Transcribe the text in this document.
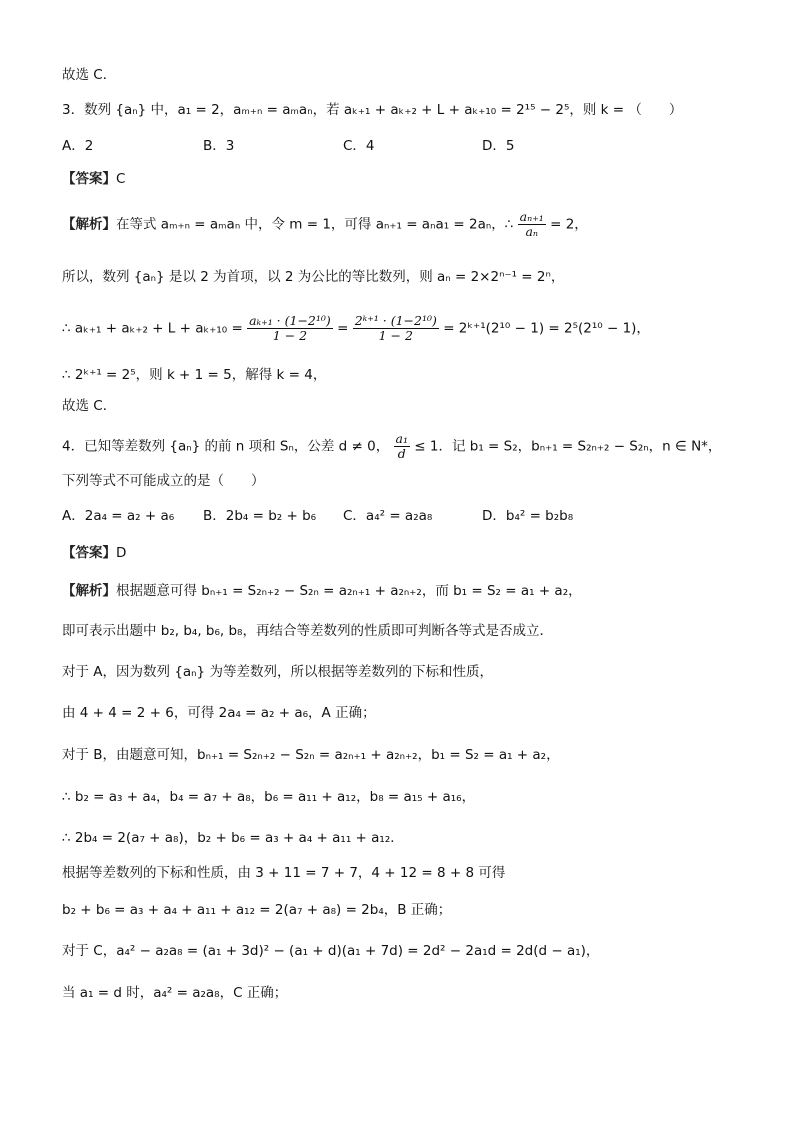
故选 C．
3．数列 {aₙ} 中，a₁ = 2，aₘ₊ₙ = aₘaₙ，若 aₖ₊₁ + aₖ₊₂ + L + aₖ₊₁₀ = 2¹⁵ − 2⁵，则 k = （　　）
A．2	B．3	C．4	D．5
【答案】C
【解析】在等式 aₘ₊ₙ = aₘaₙ 中，令 m = 1，可得 aₙ₊₁ = aₙa₁ = 2aₙ，∴ $\frac{\text{aₙ₊₁}}{\text{aₙ}} = 2$，
所以，数列 {aₙ} 是以 2 为首项，以 2 为公比的等比数列，则 aₙ = 2×2ⁿ⁻¹ = 2ⁿ，
∴ $a_{k+1} + a_{k+2} + L + a_{k+10} = \frac{\text{aₖ₊₁ · (1−2¹⁰)}}{1 - 2} = \frac{\text{2ᵏ⁺¹ · (1−2¹⁰)}}{1 - 2}$ = 2ᵏ⁺¹(2¹⁰ − 1) = 2⁵(2¹⁰ − 1)，
∴ 2ᵏ⁺¹ = 2⁵，则 k + 1 = 5，解得 k = 4，
故选 C．
4．已知等差数列 {aₙ} 的前 n 项和 Sₙ，公差 d ≠ 0， $\frac{\text{a₁}}{d} \le 1$．记 b₁ = S₂，bₙ₊₁ = S₂ₙ₊₂ − S₂ₙ，n ∈ N*，
下列等式不可能成立的是（　　）
A．2a₄ = a₂ + a₆ B．2b₄ = b₂ + b₆ C．a₄² = a₂a₈	D．b₄² = b₂b₈
【答案】D
【解析】根据题意可得 bₙ₊₁ = S₂ₙ₊₂ − S₂ₙ = a₂ₙ₊₁ + a₂ₙ₊₂，而 b₁ = S₂ = a₁ + a₂，
即可表示出题中 b₂, b₄, b₆, b₈，再结合等差数列的性质即可判断各等式是否成立．
对于 A，因为数列 {aₙ} 为等差数列，所以根据等差数列的下标和性质，
由 4 + 4 = 2 + 6，可得 2a₄ = a₂ + a₆，A 正确；
对于 B，由题意可知，bₙ₊₁ = S₂ₙ₊₂ − S₂ₙ = a₂ₙ₊₁ + a₂ₙ₊₂，b₁ = S₂ = a₁ + a₂，
∴ b₂ = a₃ + a₄，b₄ = a₇ + a₈，b₆ = a₁₁ + a₁₂，b₈ = a₁₅ + a₁₆，
∴ 2b₄ = 2(a₇ + a₈)，b₂ + b₆ = a₃ + a₄ + a₁₁ + a₁₂．
根据等差数列的下标和性质，由 3 + 11 = 7 + 7，4 + 12 = 8 + 8 可得
b₂ + b₆ = a₃ + a₄ + a₁₁ + a₁₂ = 2(a₇ + a₈) = 2b₄，B 正确；
对于 C，a₄² − a₂a₈ = (a₁ + 3d)² − (a₁ + d)(a₁ + 7d) = 2d² − 2a₁d = 2d(d − a₁)，
当 a₁ = d 时，a₄² = a₂a₈，C 正确；
